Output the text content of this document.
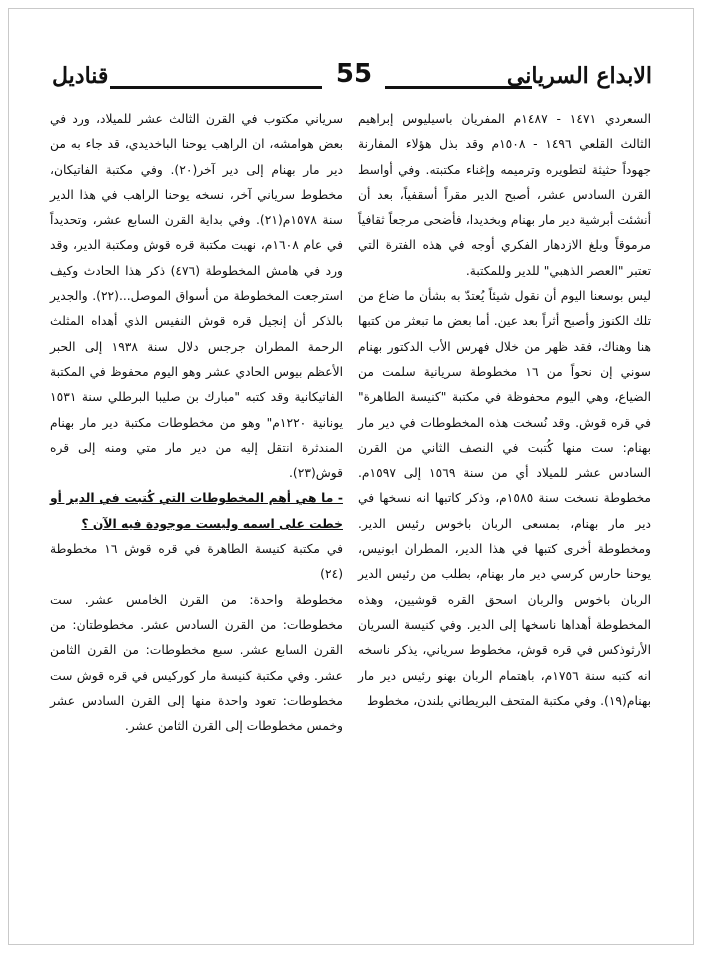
الابداع السرياني
55
قناديل

السعردي ١٤٧١ - ١٤٨٧م المفريان باسيليوس إبراهيم الثالث القلعي ١٤٩٦ - ١٥٠٨م وقد بذل هؤلاء المفارنة جهوداً حثيثة لتطويره وترميمه وإغناء مكتبته. وفي أواسط القرن السادس عشر، أصبح الدير مقراً أسقفياً، بعد أن أنشئت أبرشية دير مار بهنام وبخديدا، فأضحى مرجعاً ثقافياً مرموقاً وبلغ الازدهار الفكري أوجه في هذه الفترة التي تعتبر "العصر الذهبي" للدير وللمكتبة.

ليس بوسعنا اليوم أن نقول شيئاً يُعتدّ به بشأن ما ضاع من تلك الكنوز وأصبح أثراً بعد عين. أما بعض ما تبعثر من كتبها هنا وهناك، فقد ظهر من خلال فهرس الأب الدكتور بهنام سوني إن نحواً من ١٦ مخطوطة سريانية سلمت من الضياع، وهي اليوم محفوظة في مكتبة "كنيسة الطاهرة" في قره قوش. وقد نُسخت هذه المخطوطات في دير مار بهنام: ست منها كُتبت في النصف الثاني من القرن السادس عشر للميلاد أي من سنة ١٥٦٩ إلى ١٥٩٧م. مخطوطة نسخت سنة ١٥٨٥م، وذكر كاتبها انه نسخها في دير مار بهنام، بمسعى الربان باخوس رئيس الدير. ومخطوطة أخرى كتبها في هذا الدير، المطران ابونيس، يوحنا حارس كرسي دير مار بهنام، بطلب من رئيس الدير الربان باخوس والربان اسحق القره قوشيين، وهذه المخطوطة أهداها ناسخها إلى الدير. وفي كنيسة السريان الأرثوذكس في قره قوش، مخطوط سرياني، يذكر ناسخه انه كتبه سنة ١٧٥٦م، باهتمام الربان بهنو رئيس دير مار بهنام(١٩). وفي مكتبة المتحف البريطاني بلندن، مخطوط

سرياني مكتوب في القرن الثالث عشر للميلاد، ورد في بعض هوامشه، ان الراهب يوحنا الباخديدي، قد جاء به من دير مار بهنام إلى دير آخر(٢٠). وفي مكتبة الفاتيكان، مخطوط سرياني آخر، نسخه يوحنا الراهب في هذا الدير سنة ١٥٧٨م(٢١). وفي بداية القرن السابع عشر، وتحديداً في عام ١٦٠٨م، نهبت مكتبة قره قوش ومكتبة الدير، وقد ورد في هامش المخطوطة (٤٧٦) ذكر هذا الحادث وكيف استرجعت المخطوطة من أسواق الموصل...(٢٢). والجدير بالذكر أن إنجيل قره قوش النفيس الذي أهداه المثلث الرحمة المطران جرجس دلال سنة ١٩٣٨ إلى الحبر الأعظم بيوس الحادي عشر وهو اليوم محفوظ في المكتبة الفاتيكانية وقد كتبه "مبارك بن صليبا البرطلي سنة ١٥٣١ يونانية ١٢٢٠م" وهو من مخطوطات مكتبة دير مار بهنام المندثرة انتقل إليه من دير مار متي ومنه إلى قره قوش(٢٣).

- ما هي أهم المخطوطات التي كُتبت في الدير أو خطت على اسمه وليست موجودة فيه الآن ؟

في مكتبة كنيسة الطاهرة في قره قوش ١٦ مخطوطة (٢٤)

مخطوطة واحدة: من القرن الخامس عشر. ست مخطوطات: من القرن السادس عشر. مخطوطتان: من القرن السابع عشر. سبع مخطوطات: من القرن الثامن عشر. وفي مكتبة كنيسة مار كوركيس في قره قوش ست مخطوطات: تعود واحدة منها إلى القرن السادس عشر وخمس مخطوطات إلى القرن الثامن عشر.
